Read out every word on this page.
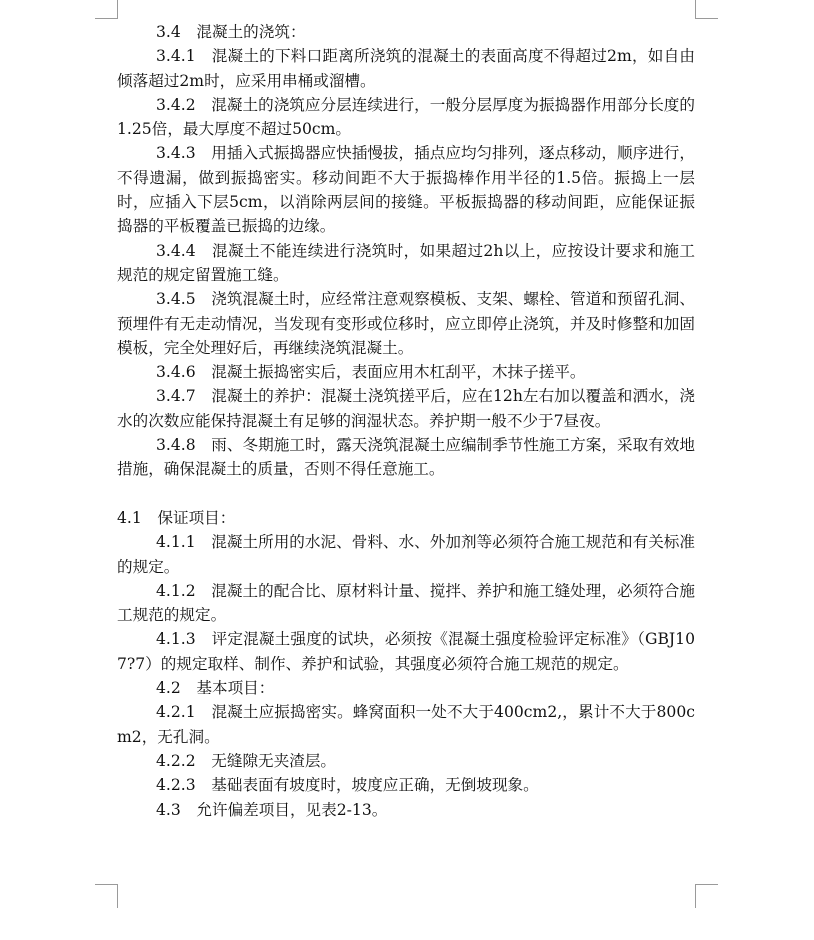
3.4　混凝土的浇筑：

3.4.1　混凝土的下料口距离所浇筑的混凝土的表面高度不得超过2m，如自由倾落超过2m时，应采用串桶或溜槽。

3.4.2　混凝土的浇筑应分层连续进行，一般分层厚度为振捣器作用部分长度的1.25倍，最大厚度不超过50cm。

3.4.3　用插入式振捣器应快插慢拔，插点应均匀排列，逐点移动，顺序进行，不得遗漏，做到振捣密实。移动间距不大于振捣棒作用半径的1.5倍。振捣上一层时，应插入下层5cm，以消除两层间的接缝。平板振捣器的移动间距，应能保证振捣器的平板覆盖已振捣的边缘。

3.4.4　混凝土不能连续进行浇筑时，如果超过2h以上，应按设计要求和施工规范的规定留置施工缝。

3.4.5　浇筑混凝土时，应经常注意观察模板、支架、螺栓、管道和预留孔洞、预埋件有无走动情况，当发现有变形或位移时，应立即停止浇筑，并及时修整和加固模板，完全处理好后，再继续浇筑混凝土。

3.4.6　混凝土振捣密实后，表面应用木杠刮平，木抹子搓平。

3.4.7　混凝土的养护：混凝土浇筑搓平后，应在12h左右加以覆盖和洒水，浇水的次数应能保持混凝土有足够的润湿状态。养护期一般不少于7昼夜。

3.4.8　雨、冬期施工时，露天浇筑混凝土应编制季节性施工方案，采取有效地措施，确保混凝土的质量，否则不得任意施工。

4.1　保证项目：

4.1.1　混凝土所用的水泥、骨料、水、外加剂等必须符合施工规范和有关标准的规定。

4.1.2　混凝土的配合比、原材料计量、搅拌、养护和施工缝处理，必须符合施工规范的规定。

4.1.3　评定混凝土强度的试块，必须按《混凝土强度检验评定标准》（GBJ107?7）的规定取样、制作、养护和试验，其强度必须符合施工规范的规定。

4.2　基本项目：

4.2.1　混凝土应振捣密实。蜂窝面积一处不大于400cm2,，累计不大于800cm2，无孔洞。

4.2.2　无缝隙无夹渣层。

4.2.3　基础表面有坡度时，坡度应正确，无倒坡现象。

4.3　允许偏差项目，见表2-13。
